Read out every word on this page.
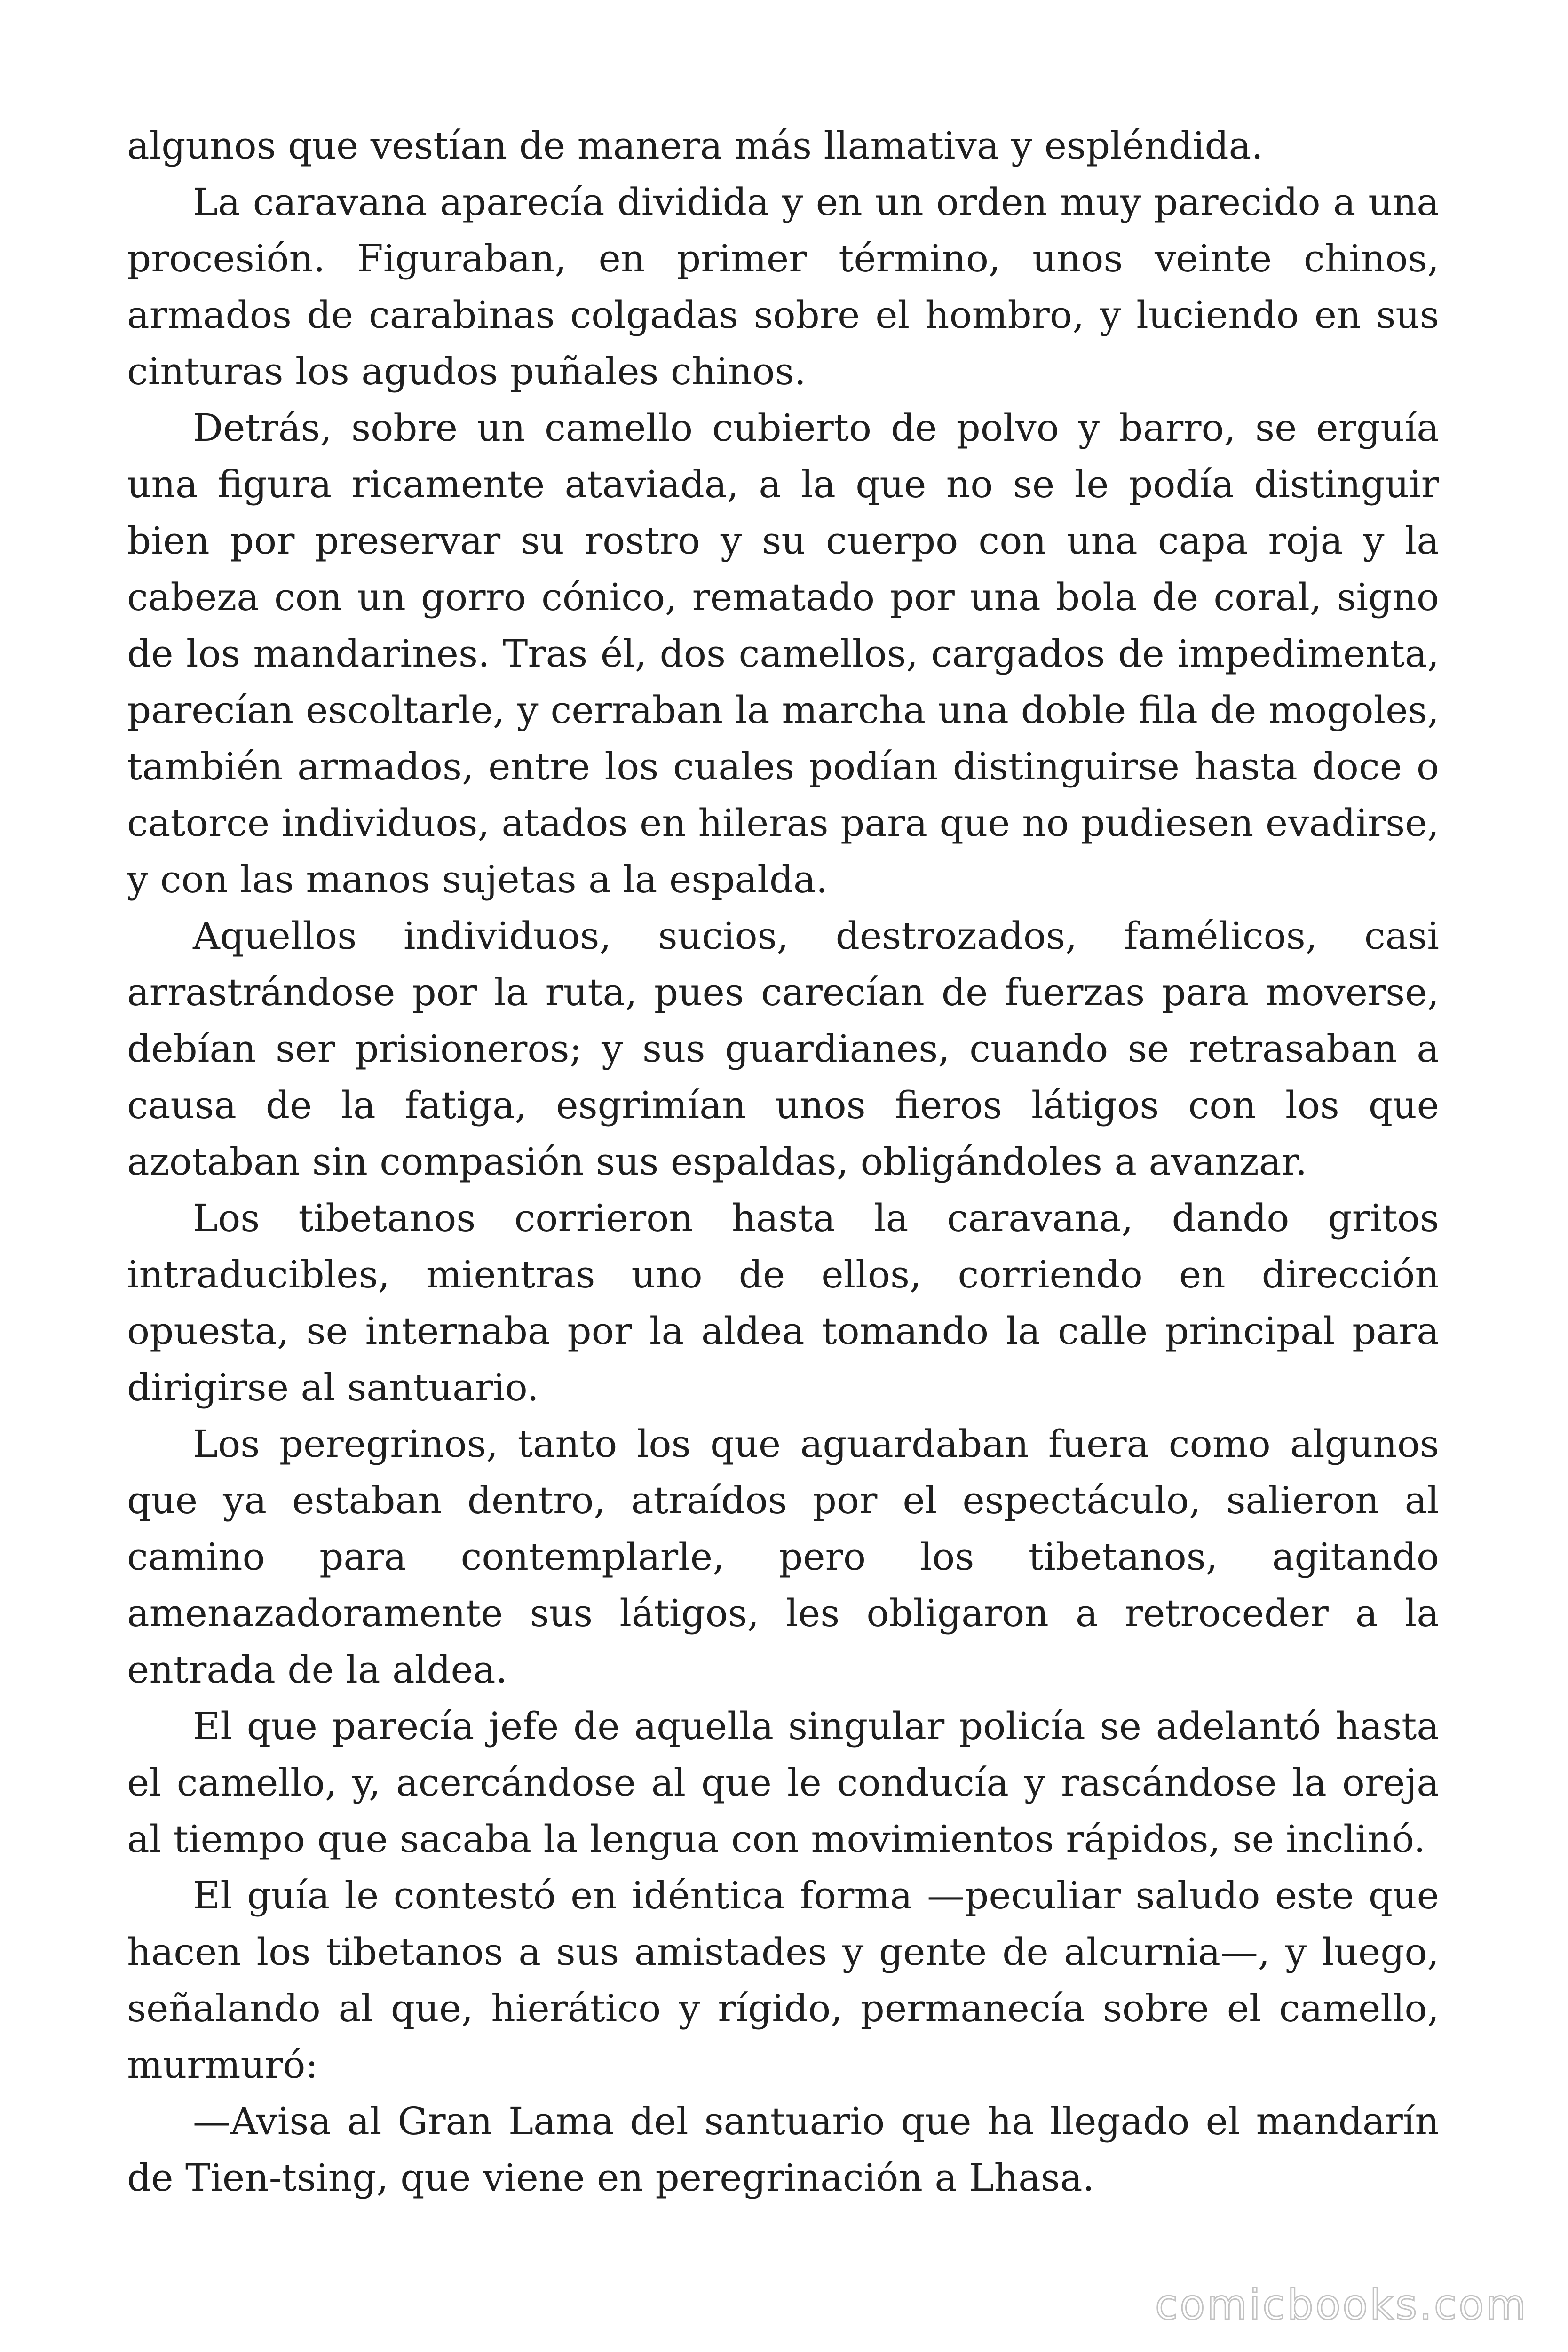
algunos que vestían de manera más llamativa y espléndida.

La caravana aparecía dividida y en un orden muy parecido a una procesión. Figuraban, en primer término, unos veinte chinos, armados de carabinas colgadas sobre el hombro, y luciendo en sus cinturas los agudos puñales chinos.

Detrás, sobre un camello cubierto de polvo y barro, se erguía una figura ricamente ataviada, a la que no se le podía distinguir bien por preservar su rostro y su cuerpo con una capa roja y la cabeza con un gorro cónico, rematado por una bola de coral, signo de los mandarines. Tras él, dos camellos, cargados de impedimenta, parecían escoltarle, y cerraban la marcha una doble fila de mogoles, también armados, entre los cuales podían distinguirse hasta doce o catorce individuos, atados en hileras para que no pudiesen evadirse, y con las manos sujetas a la espalda.

Aquellos individuos, sucios, destrozados, famélicos, casi arrastrándose por la ruta, pues carecían de fuerzas para moverse, debían ser prisioneros; y sus guardianes, cuando se retrasaban a causa de la fatiga, esgrimían unos fieros látigos con los que azotaban sin compasión sus espaldas, obligándoles a avanzar.

Los tibetanos corrieron hasta la caravana, dando gritos intraducibles, mientras uno de ellos, corriendo en dirección opuesta, se internaba por la aldea tomando la calle principal para dirigirse al santuario.

Los peregrinos, tanto los que aguardaban fuera como algunos que ya estaban dentro, atraídos por el espectáculo, salieron al camino para contemplarle, pero los tibetanos, agitando amenazadoramente sus látigos, les obligaron a retroceder a la entrada de la aldea.

El que parecía jefe de aquella singular policía se adelantó hasta el camello, y, acercándose al que le conducía y rascándose la oreja al tiempo que sacaba la lengua con movimientos rápidos, se inclinó.

El guía le contestó en idéntica forma —peculiar saludo este que hacen los tibetanos a sus amistades y gente de alcurnia—, y luego, señalando al que, hierático y rígido, permanecía sobre el camello, murmuró:

—Avisa al Gran Lama del santuario que ha llegado el mandarín de Tien-tsing, que viene en peregrinación a Lhasa.

comicbooks.com
